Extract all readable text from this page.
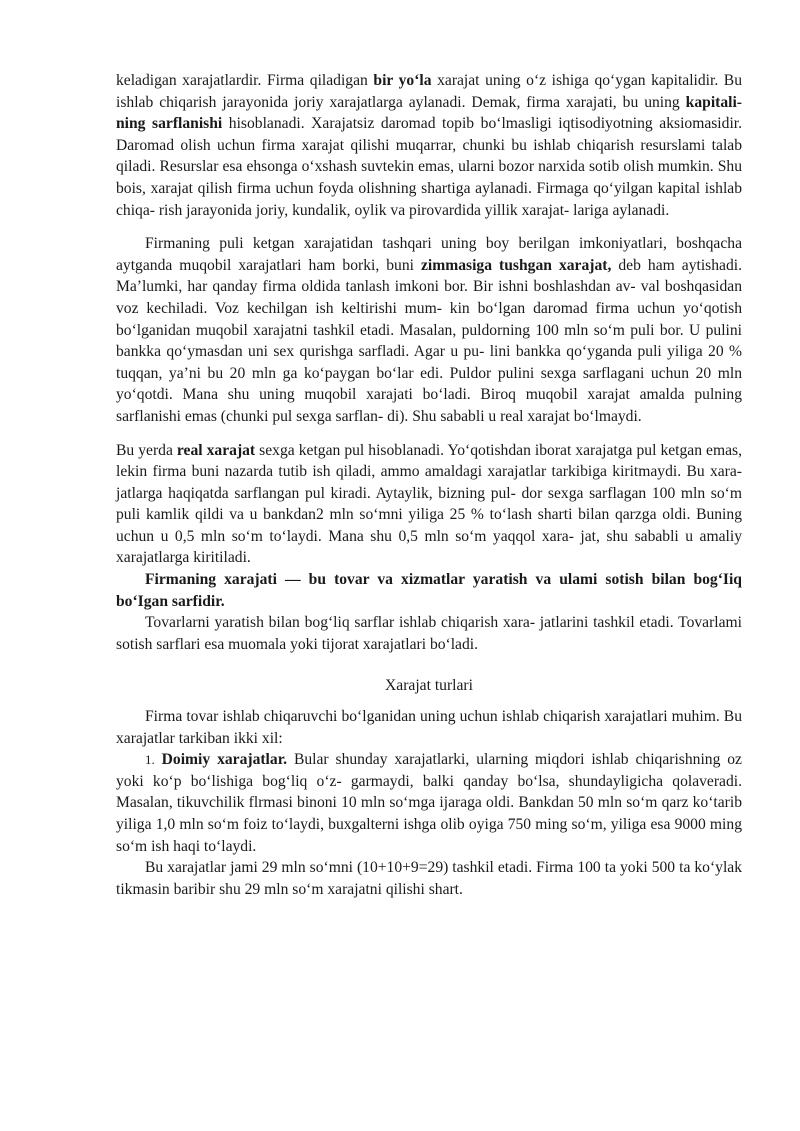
keladigan xarajatlardir. Firma qiladigan bir yo‘la xarajat uning o‘z ishiga qo‘ygan kapitalidir. Bu ishlab chiqarish jarayonida joriy xarajatlarga aylanadi. Demak, firma xarajati, bu uning kapitali- ning sarflanishi hisoblanadi. Xarajatsiz daromad topib bo‘lmasligi iqtisodiyotning aksiomasidir. Daromad olish uchun firma xarajat qilishi muqarrar, chunki bu ishlab chiqarish resurslami talab qiladi. Resurslar esa ehsonga o‘xshash suvtekin emas, ularni bozor narxida sotib olish mumkin. Shu bois, xarajat qilish firma uchun foyda olishning shartiga aylanadi. Firmaga qo‘yilgan kapital ishlab chiqa- rish jarayonida joriy, kundalik, oylik va pirovardida yillik xarajat- lariga aylanadi.

Firmaning puli ketgan xarajatidan tashqari uning boy berilgan imkoniyatlari, boshqacha aytganda muqobil xarajatlari ham borki, buni zimmasiga tushgan xarajat, deb ham aytishadi. Ma’lumki, har qanday firma oldida tanlash imkoni bor. Bir ishni boshlashdan av- val boshqasidan voz kechiladi. Voz kechilgan ish keltirishi mum- kin bo‘lgan daromad firma uchun yo‘qotish bo‘lganidan muqobil xarajatni tashkil etadi. Masalan, puldorning 100 mln so‘m puli bor. U pulini bankka qo‘ymasdan uni sex qurishga sarfladi. Agar u pu- lini bankka qo‘yganda puli yiliga 20 % tuqqan, ya’ni bu 20 mln ga ko‘paygan bo‘lar edi. Puldor pulini sexga sarflagani uchun 20 mln yo‘qotdi. Mana shu uning muqobil xarajati bo‘ladi. Biroq muqobil xarajat amalda pulning sarflanishi emas (chunki pul sexga sarflan- di). Shu sababli u real xarajat bo‘lmaydi.

Bu yerda real xarajat sexga ketgan pul hisoblanadi. Yo‘qotishdan iborat xarajatga pul ketgan emas, lekin firma buni nazarda tutib ish qiladi, ammo amaldagi xarajatlar tarkibiga kiritmaydi. Bu xara- jatlarga haqiqatda sarflangan pul kiradi. Aytaylik, bizning pul- dor sexga sarflagan 100 mln so‘m puli kamlik qildi va u bankdan2 mln so‘mni yiliga 25 % to‘lash sharti bilan qarzga oldi. Buning uchun u 0,5 mln so‘m to‘laydi. Mana shu 0,5 mln so‘m yaqqol xara- jat, shu sababli u amaliy xarajatlarga kiritiladi.

Firmaning xarajati — bu tovar va xizmatlar yaratish va ulami sotish bilan bog‘Iiq bo‘Igan sarfidir.

Tovarlarni yaratish bilan bog‘liq sarflar ishlab chiqarish xara- jatlarini tashkil etadi. Tovarlami sotish sarflari esa muomala yoki tijorat xarajatlari bo‘ladi.

Xarajat turlari

Firma tovar ishlab chiqaruvchi bo‘lganidan uning uchun ishlab chiqarish xarajatlari muhim. Bu xarajatlar tarkiban ikki xil:

1. Doimiy xarajatlar. Bular shunday xarajatlarki, ularning miqdori ishlab chiqarishning oz yoki ko‘p bo‘lishiga bog‘liq o‘z- garmaydi, balki qanday bo‘lsa, shundayligicha qolaveradi. Masalan, tikuvchilik flrmasi binoni 10 mln so‘mga ijaraga oldi. Bankdan 50 mln so‘m qarz ko‘tarib yiliga 1,0 mln so‘m foiz to‘laydi, buxgalterni ishga olib oyiga 750 ming so‘m, yiliga esa 9000 ming so‘m ish haqi to‘laydi.

Bu xarajatlar jami 29 mln so‘mni (10+10+9=29) tashkil etadi. Firma 100 ta yoki 500 ta ko‘ylak tikmasin baribir shu 29 mln so‘m xarajatni qilishi shart.
